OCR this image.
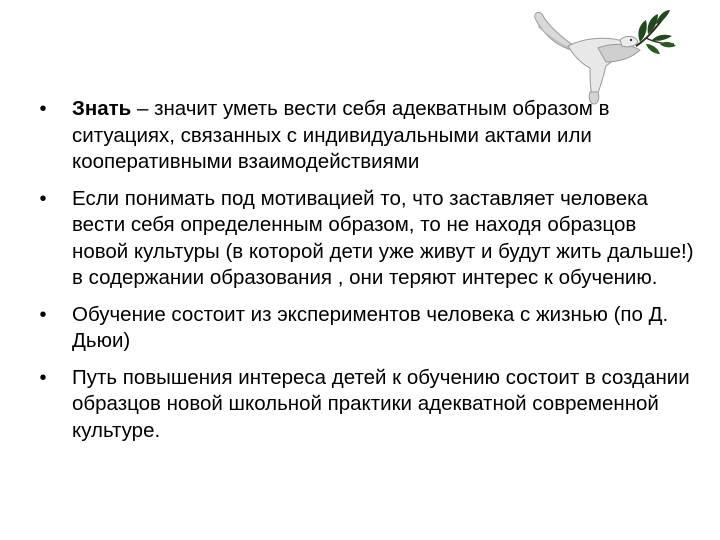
• Знать – значит уметь вести себя адекватным образом в ситуациях, связанных с индивидуальными актами или кооперативными взаимодействиями
• Если понимать под мотивацией то, что заставляет человека вести себя определенным образом, то не находя образцов новой культуры (в которой дети уже живут и будут жить дальше!) в содержании образования , они теряют интерес к обучению.
• Обучение состоит из экспериментов человека с жизнью (по Д. Дьюи)
• Путь повышения интереса детей к обучению состоит в создании образцов новой школьной практики адекватной современной культуре.
